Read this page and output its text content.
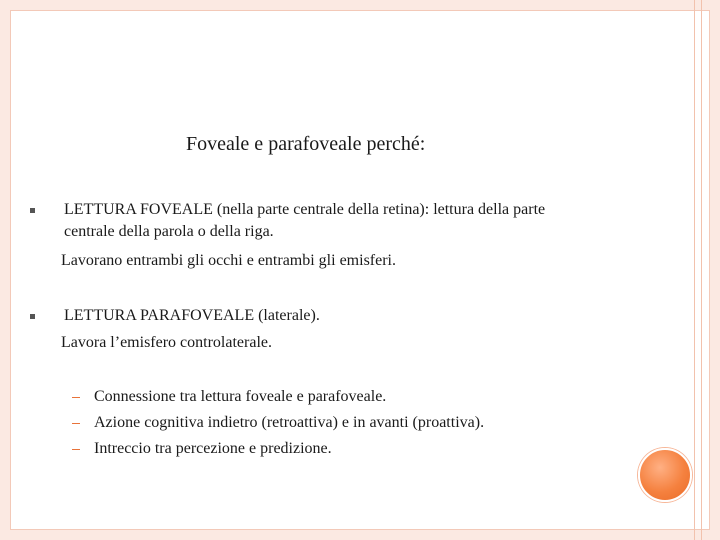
Foveale e parafoveale perché:
LETTURA FOVEALE (nella parte centrale della retina): lettura della parte
centrale della parola o della riga.
Lavorano entrambi gli occhi e entrambi gli emisferi.
LETTURA PARAFOVEALE (laterale).
Lavora l’emisfero controlaterale.
Connessione tra lettura foveale e parafoveale.
Azione cognitiva indietro (retroattiva) e in avanti (proattiva).
Intreccio tra percezione e predizione.
